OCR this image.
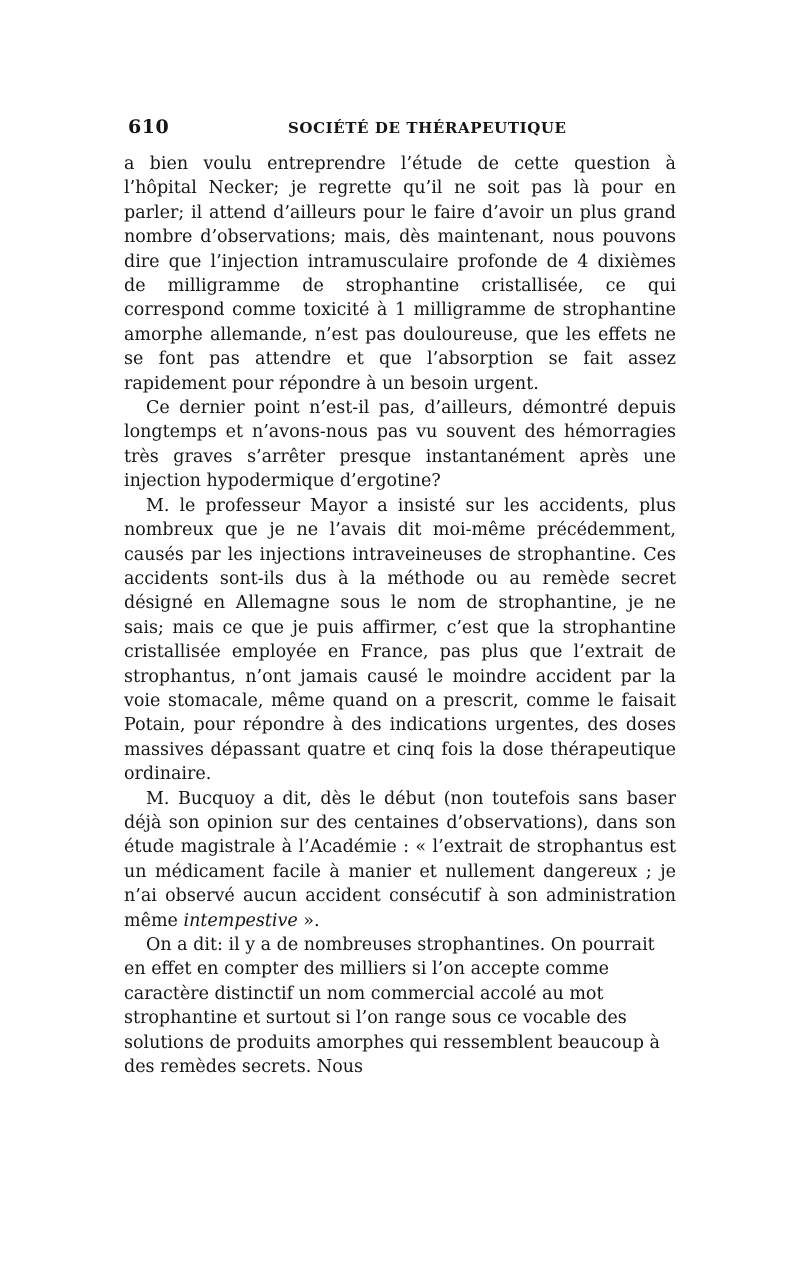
610	SOCIÉTÉ DE THÉRAPEUTIQUE

a bien voulu entreprendre l’étude de cette question à l’hôpital Necker; je regrette qu’il ne soit pas là pour en parler; il attend d’ailleurs pour le faire d’avoir un plus grand nombre d’observations; mais, dès maintenant, nous pouvons dire que l’injection intramusculaire profonde de 4 dixièmes de milligramme de strophantine cristallisée, ce qui correspond comme toxicité à 1 milligramme de strophantine amorphe allemande, n’est pas douloureuse, que les effets ne se font pas attendre et que l’absorption se fait assez rapidement pour répondre à un besoin urgent.

Ce dernier point n’est-il pas, d’ailleurs, démontré depuis longtemps et n’avons-nous pas vu souvent des hémorragies très graves s’arrêter presque instantanément après une injection hypodermique d’ergotine?

M. le professeur Mayor a insisté sur les accidents, plus nombreux que je ne l’avais dit moi-même précédemment, causés par les injections intraveineuses de strophantine. Ces accidents sont-ils dus à la méthode ou au remède secret désigné en Allemagne sous le nom de strophantine, je ne sais; mais ce que je puis affirmer, c’est que la strophantine cristallisée employée en France, pas plus que l’extrait de strophantus, n’ont jamais causé le moindre accident par la voie stomacale, même quand on a prescrit, comme le faisait Potain, pour répondre à des indications urgentes, des doses massives dépassant quatre et cinq fois la dose thérapeutique ordinaire.

M. Bucquoy a dit, dès le début (non toutefois sans baser déjà son opinion sur des centaines d’observations), dans son étude magistrale à l’Académie : « l’extrait de strophantus est un médicament facile à manier et nullement dangereux ; je n’ai observé aucun accident consécutif à son administration même intempestive ».

On a dit: il y a de nombreuses strophantines. On pourrait en effet en compter des milliers si l’on accepte comme caractère distinctif un nom commercial accolé au mot strophantine et surtout si l’on range sous ce vocable des solutions de produits amorphes qui ressemblent beaucoup à des remèdes secrets. Nous
